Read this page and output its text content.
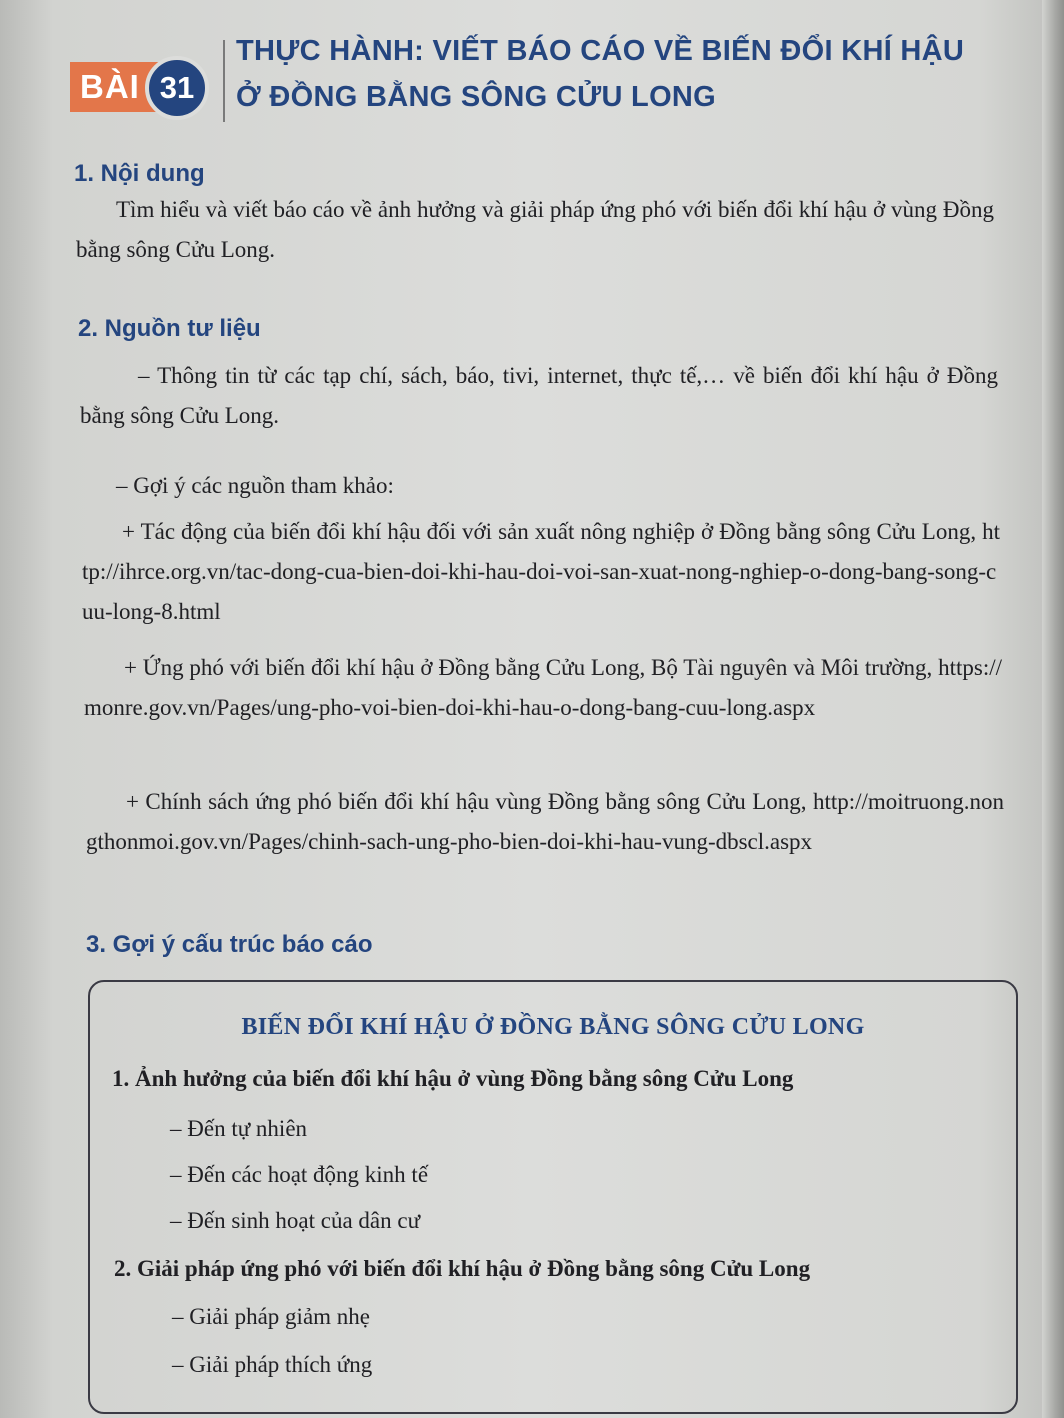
BÀI 31
THỰC HÀNH: VIẾT BÁO CÁO VỀ BIẾN ĐỔI KHÍ HẬU
Ở ĐỒNG BẰNG SÔNG CỬU LONG
1. Nội dung

Tìm hiểu và viết báo cáo về ảnh hưởng và giải pháp ứng phó với biến đổi khí hậu ở vùng Đồng bằng sông Cửu Long.

2. Nguồn tư liệu

– Thông tin từ các tạp chí, sách, báo, tivi, internet, thực tế,… về biến đổi khí hậu ở Đồng bằng sông Cửu Long.

– Gợi ý các nguồn tham khảo:

+ Tác động của biến đổi khí hậu đối với sản xuất nông nghiệp ở Đồng bằng sông Cửu Long, http://ihrce.org.vn/tac-dong-cua-bien-doi-khi-hau-doi-voi-san-xuat-nong-nghiep-o-dong-bang-song-cuu-long-8.html

+ Ứng phó với biến đổi khí hậu ở Đồng bằng Cửu Long, Bộ Tài nguyên và Môi trường, https://monre.gov.vn/Pages/ung-pho-voi-bien-doi-khi-hau-o-dong-bang-cuu-long.aspx

+ Chính sách ứng phó biến đổi khí hậu vùng Đồng bằng sông Cửu Long, http://moitruong.nongthonmoi.gov.vn/Pages/chinh-sach-ung-pho-bien-doi-khi-hau-vung-dbscl.aspx

3. Gợi ý cấu trúc báo cáo

BIẾN ĐỔI KHÍ HẬU Ở ĐỒNG BẰNG SÔNG CỬU LONG

1. Ảnh hưởng của biến đổi khí hậu ở vùng Đồng bằng sông Cửu Long

– Đến tự nhiên

– Đến các hoạt động kinh tế

– Đến sinh hoạt của dân cư

2. Giải pháp ứng phó với biến đổi khí hậu ở Đồng bằng sông Cửu Long

– Giải pháp giảm nhẹ

– Giải pháp thích ứng
